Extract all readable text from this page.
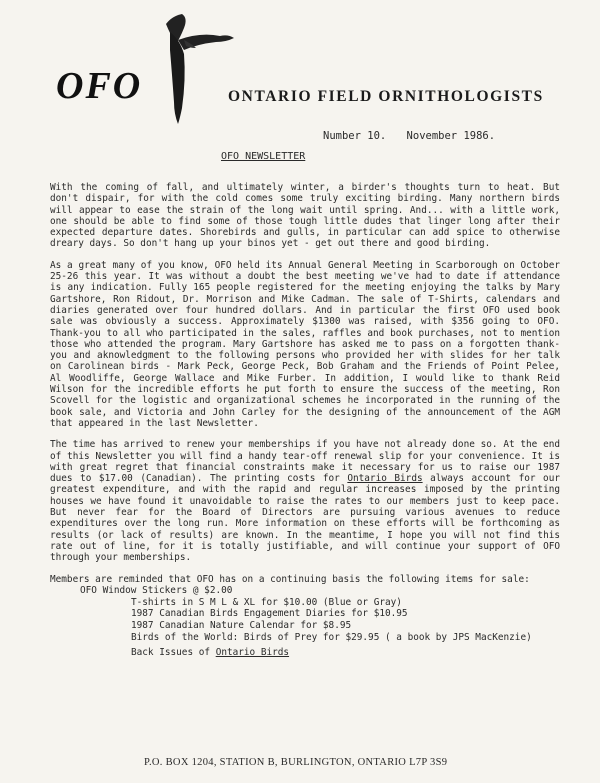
OFO	ONTARIO FIELD ORNITHOLOGISTS
Number 10. November 1986.
OFO NEWSLETTER

With the coming of fall, and ultimately winter, a birder's thoughts turn to heat. But don't dispair, for with the cold comes some truly exciting birding. Many northern birds will appear to ease the strain of the long wait until spring. And... with a little work, one should be able to find some of those tough little dudes that linger long after their expected departure dates. Shorebirds and gulls, in particular can add spice to otherwise dreary days. So don't hang up your binos yet - get out there and good birding.

As a great many of you know, OFO held its Annual General Meeting in Scarborough on October 25-26 this year. It was without a doubt the best meeting we've had to date if attendance is any indication. Fully 165 people registered for the meeting enjoying the talks by Mary Gartshore, Ron Ridout, Dr. Morrison and Mike Cadman. The sale of T-Shirts, calendars and diaries generated over four hundred dollars. And in particular the first OFO used book sale was obviously a success. Approximately $1300 was raised, with $356 going to OFO. Thank-you to all who participated in the sales, raffles and book purchases, not to mention those who attended the program. Mary Gartshore has asked me to pass on a forgotten thank-you and aknowledgment to the following persons who provided her with slides for her talk on Carolinean birds - Mark Peck, George Peck, Bob Graham and the Friends of Point Pelee, Al Woodliffe, George Wallace and Mike Furber. In addition, I would like to thank Reid Wilson for the incredible efforts he put forth to ensure the success of the meeting, Ron Scovell for the logistic and organizational schemes he incorporated in the running of the book sale, and Victoria and John Carley for the designing of the announcement of the AGM that appeared in the last Newsletter.

The time has arrived to renew your memberships if you have not already done so. At the end of this Newsletter you will find a handy tear-off renewal slip for your convenience. It is with great regret that financial constraints make it necessary for us to raise our 1987 dues to $17.00 (Canadian). The printing costs for Ontario Birds always account for our greatest expenditure, and with the rapid and regular increases imposed by the printing houses we have found it unavoidable to raise the rates to our members just to keep pace. But never fear for the Board of Directors are pursuing various avenues to reduce expenditures over the long run. More information on these efforts will be forthcoming as results (or lack of results) are known. In the meantime, I hope you will not find this rate out of line, for it is totally justifiable, and will continue your support of OFO through your memberships.

Members are reminded that OFO has on a continuing basis the following items for sale:
OFO Window Stickers @ $2.00
T-shirts in S M L & XL for $10.00 (Blue or Gray)
1987 Canadian Birds Engagement Diaries for $10.95
1987 Canadian Nature Calendar for $8.95
Birds of the World: Birds of Prey for $29.95 ( a book by JPS MacKenzie)
Back Issues of Ontario Birds
P.O. BOX 1204, STATION B, BURLINGTON, ONTARIO L7P 3S9
